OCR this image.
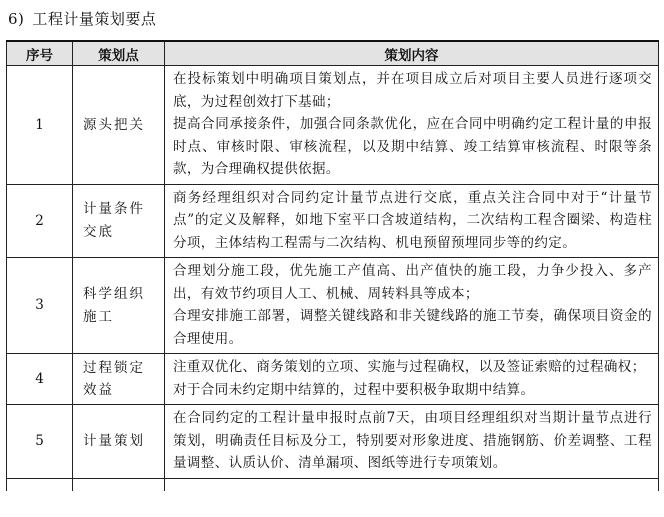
6) 工程计量策划要点
序号	策划点	策划内容
1	源头把关	在投标策划中明确项目策划点，并在项目成立后对项目主要人员进行逐项交底，为过程创效打下基础；
提高合同承接条件，加强合同条款优化，应在合同中明确约定工程计量的申报时点、审核时限、审核流程，以及期中结算、竣工结算审核流程、时限等条款，为合理确权提供依据。

2	计量条件交底	商务经理组织对合同约定计量节点进行交底，重点关注合同中对于“计量节点”的定义及解释，如地下室平口含坡道结构，二次结构工程含圈梁、构造柱分项，主体结构工程需与二次结构、机电预留预埋同步等的约定。

3	科学组织施工	合理划分施工段，优先施工产值高、出产值快的施工段，力争少投入、多产出，有效节约项目人工、机械、周转料具等成本；
合理安排施工部署，调整关键线路和非关键线路的施工节奏，确保项目资金的合理使用。

4	过程锁定效益	注重双优化、商务策划的立项、实施与过程确权，以及签证索赔的过程确权；
对于合同未约定期中结算的，过程中要积极争取期中结算。

5	计量策划	在合同约定的工程计量申报时点前7天，由项目经理组织对当期计量节点进行策划，明确责任目标及分工，特别要对形象进度、措施钢筋、价差调整、工程量调整、认质认价、清单漏项、图纸等进行专项策划。
